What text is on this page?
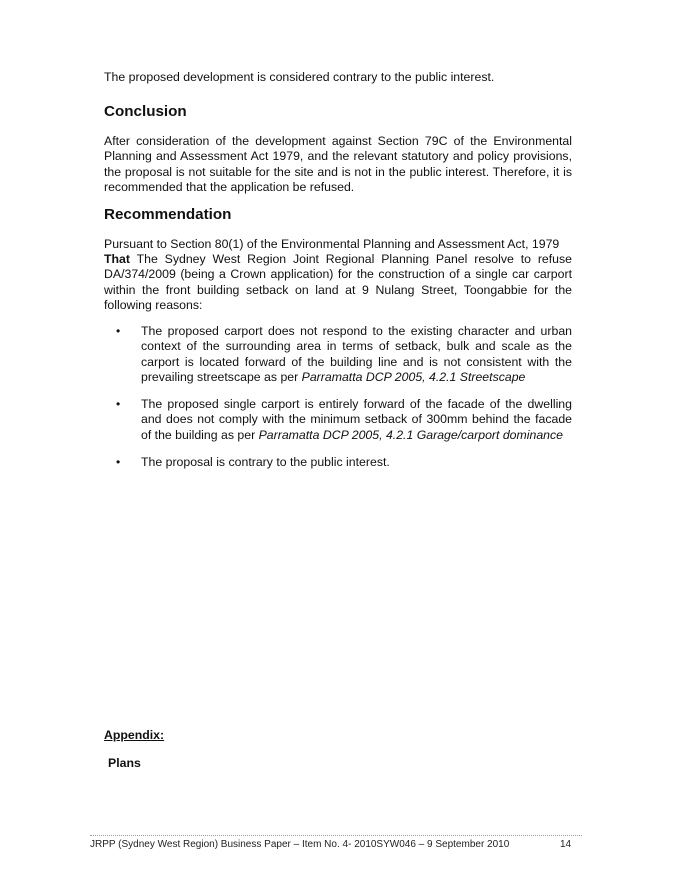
The proposed development is considered contrary to the public interest.

Conclusion

After consideration of the development against Section 79C of the Environmental Planning and Assessment Act 1979, and the relevant statutory and policy provisions, the proposal is not suitable for the site and is not in the public interest. Therefore, it is recommended that the application be refused.

Recommendation

Pursuant to Section 80(1) of the Environmental Planning and Assessment Act, 1979

That The Sydney West Region Joint Regional Planning Panel resolve to refuse DA/374/2009 (being a Crown application) for the construction of a single car carport within the front building setback on land at 9 Nulang Street, Toongabbie for the following reasons:

•	The proposed carport does not respond to the existing character and urban context of the surrounding area in terms of setback, bulk and scale as the carport is located forward of the building line and is not consistent with the prevailing streetscape as per Parramatta DCP 2005, 4.2.1 Streetscape

•	The proposed single carport is entirely forward of the facade of the dwelling and does not comply with the minimum setback of 300mm behind the facade of the building as per Parramatta DCP 2005, 4.2.1 Garage/carport dominance

•	The proposal is contrary to the public interest.

Appendix:

Plans

JRPP (Sydney West Region) Business Paper – Item No. 4- 2010SYW046 – 9 September 2010	14
